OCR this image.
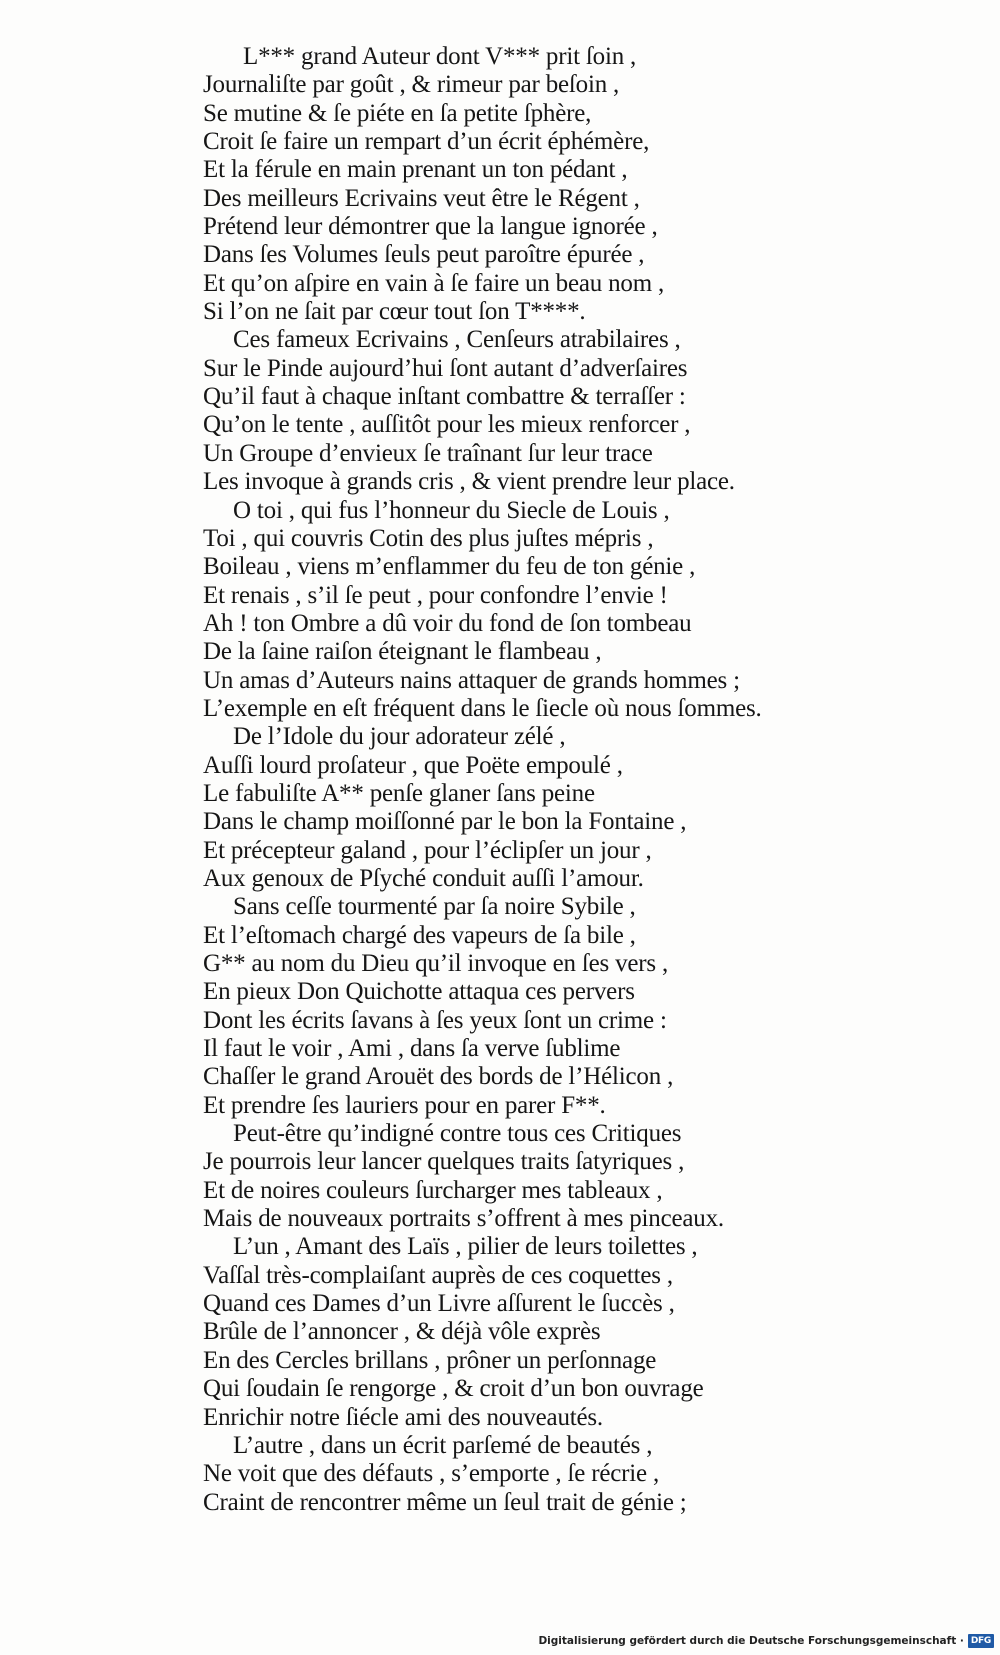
L*** grand Auteur dont V*** prit ſoin ,
Journaliſte par goût , & rimeur par beſoin ,
Se mutine & ſe piéte en ſa petite ſphère,
Croit ſe faire un rempart d’un écrit éphémère,
Et la férule en main prenant un ton pédant ,
Des meilleurs Ecrivains veut être le Régent ,
Prétend leur démontrer que la langue ignorée ,
Dans ſes Volumes ſeuls peut paroître épurée ,
Et qu’on aſpire en vain à ſe faire un beau nom ,
Si l’on ne ſait par cœur tout ſon T****.
Ces fameux Ecrivains , Cenſeurs atrabilaires ,
Sur le Pinde aujourd’hui ſont autant d’adverſaires
Qu’il faut à chaque inſtant combattre & terraſſer :
Qu’on le tente , auſſitôt pour les mieux renforcer ,
Un Groupe d’envieux ſe traînant ſur leur trace
Les invoque à grands cris , & vient prendre leur place.
O toi , qui fus l’honneur du Siecle de Louis ,
Toi , qui couvris Cotin des plus juſtes mépris ,
Boileau , viens m’enflammer du feu de ton génie ,
Et renais , s’il ſe peut , pour confondre l’envie !
Ah ! ton Ombre a dû voir du fond de ſon tombeau
De la ſaine raiſon éteignant le flambeau ,
Un amas d’Auteurs nains attaquer de grands hommes ;
L’exemple en eſt fréquent dans le ſiecle où nous ſommes.
De l’Idole du jour adorateur zélé ,
Auſſi lourd proſateur , que Poëte empoulé ,
Le fabuliſte A** penſe glaner ſans peine
Dans le champ moiſſonné par le bon la Fontaine ,
Et précepteur galand , pour l’éclipſer un jour ,
Aux genoux de Pſyché conduit auſſi l’amour.
Sans ceſſe tourmenté par ſa noire Sybile ,
Et l’eſtomach chargé des vapeurs de ſa bile ,
G** au nom du Dieu qu’il invoque en ſes vers ,
En pieux Don Quichotte attaqua ces pervers
Dont les écrits ſavans à ſes yeux ſont un crime :
Il faut le voir , Ami , dans ſa verve ſublime
Chaſſer le grand Arouët des bords de l’Hélicon ,
Et prendre ſes lauriers pour en parer F**.
Peut-être qu’indigné contre tous ces Critiques
Je pourrois leur lancer quelques traits ſatyriques ,
Et de noires couleurs ſurcharger mes tableaux ,
Mais de nouveaux portraits s’offrent à mes pinceaux.
L’un , Amant des Laïs , pilier de leurs toilettes ,
Vaſſal très-complaiſant auprès de ces coquettes ,
Quand ces Dames d’un Livre aſſurent le ſuccès ,
Brûle de l’annoncer , & déjà vôle exprès
En des Cercles brillans , prôner un perſonnage
Qui ſoudain ſe rengorge , & croit d’un bon ouvrage
Enrichir notre ſiécle ami des nouveautés.
L’autre , dans un écrit parſemé de beautés ,
Ne voit que des défauts , s’emporte , ſe récrie ,
Craint de rencontrer même un ſeul trait de génie ;
Digitalisierung gefördert durch die Deutsche Forschungsgemeinschaft · DFG
